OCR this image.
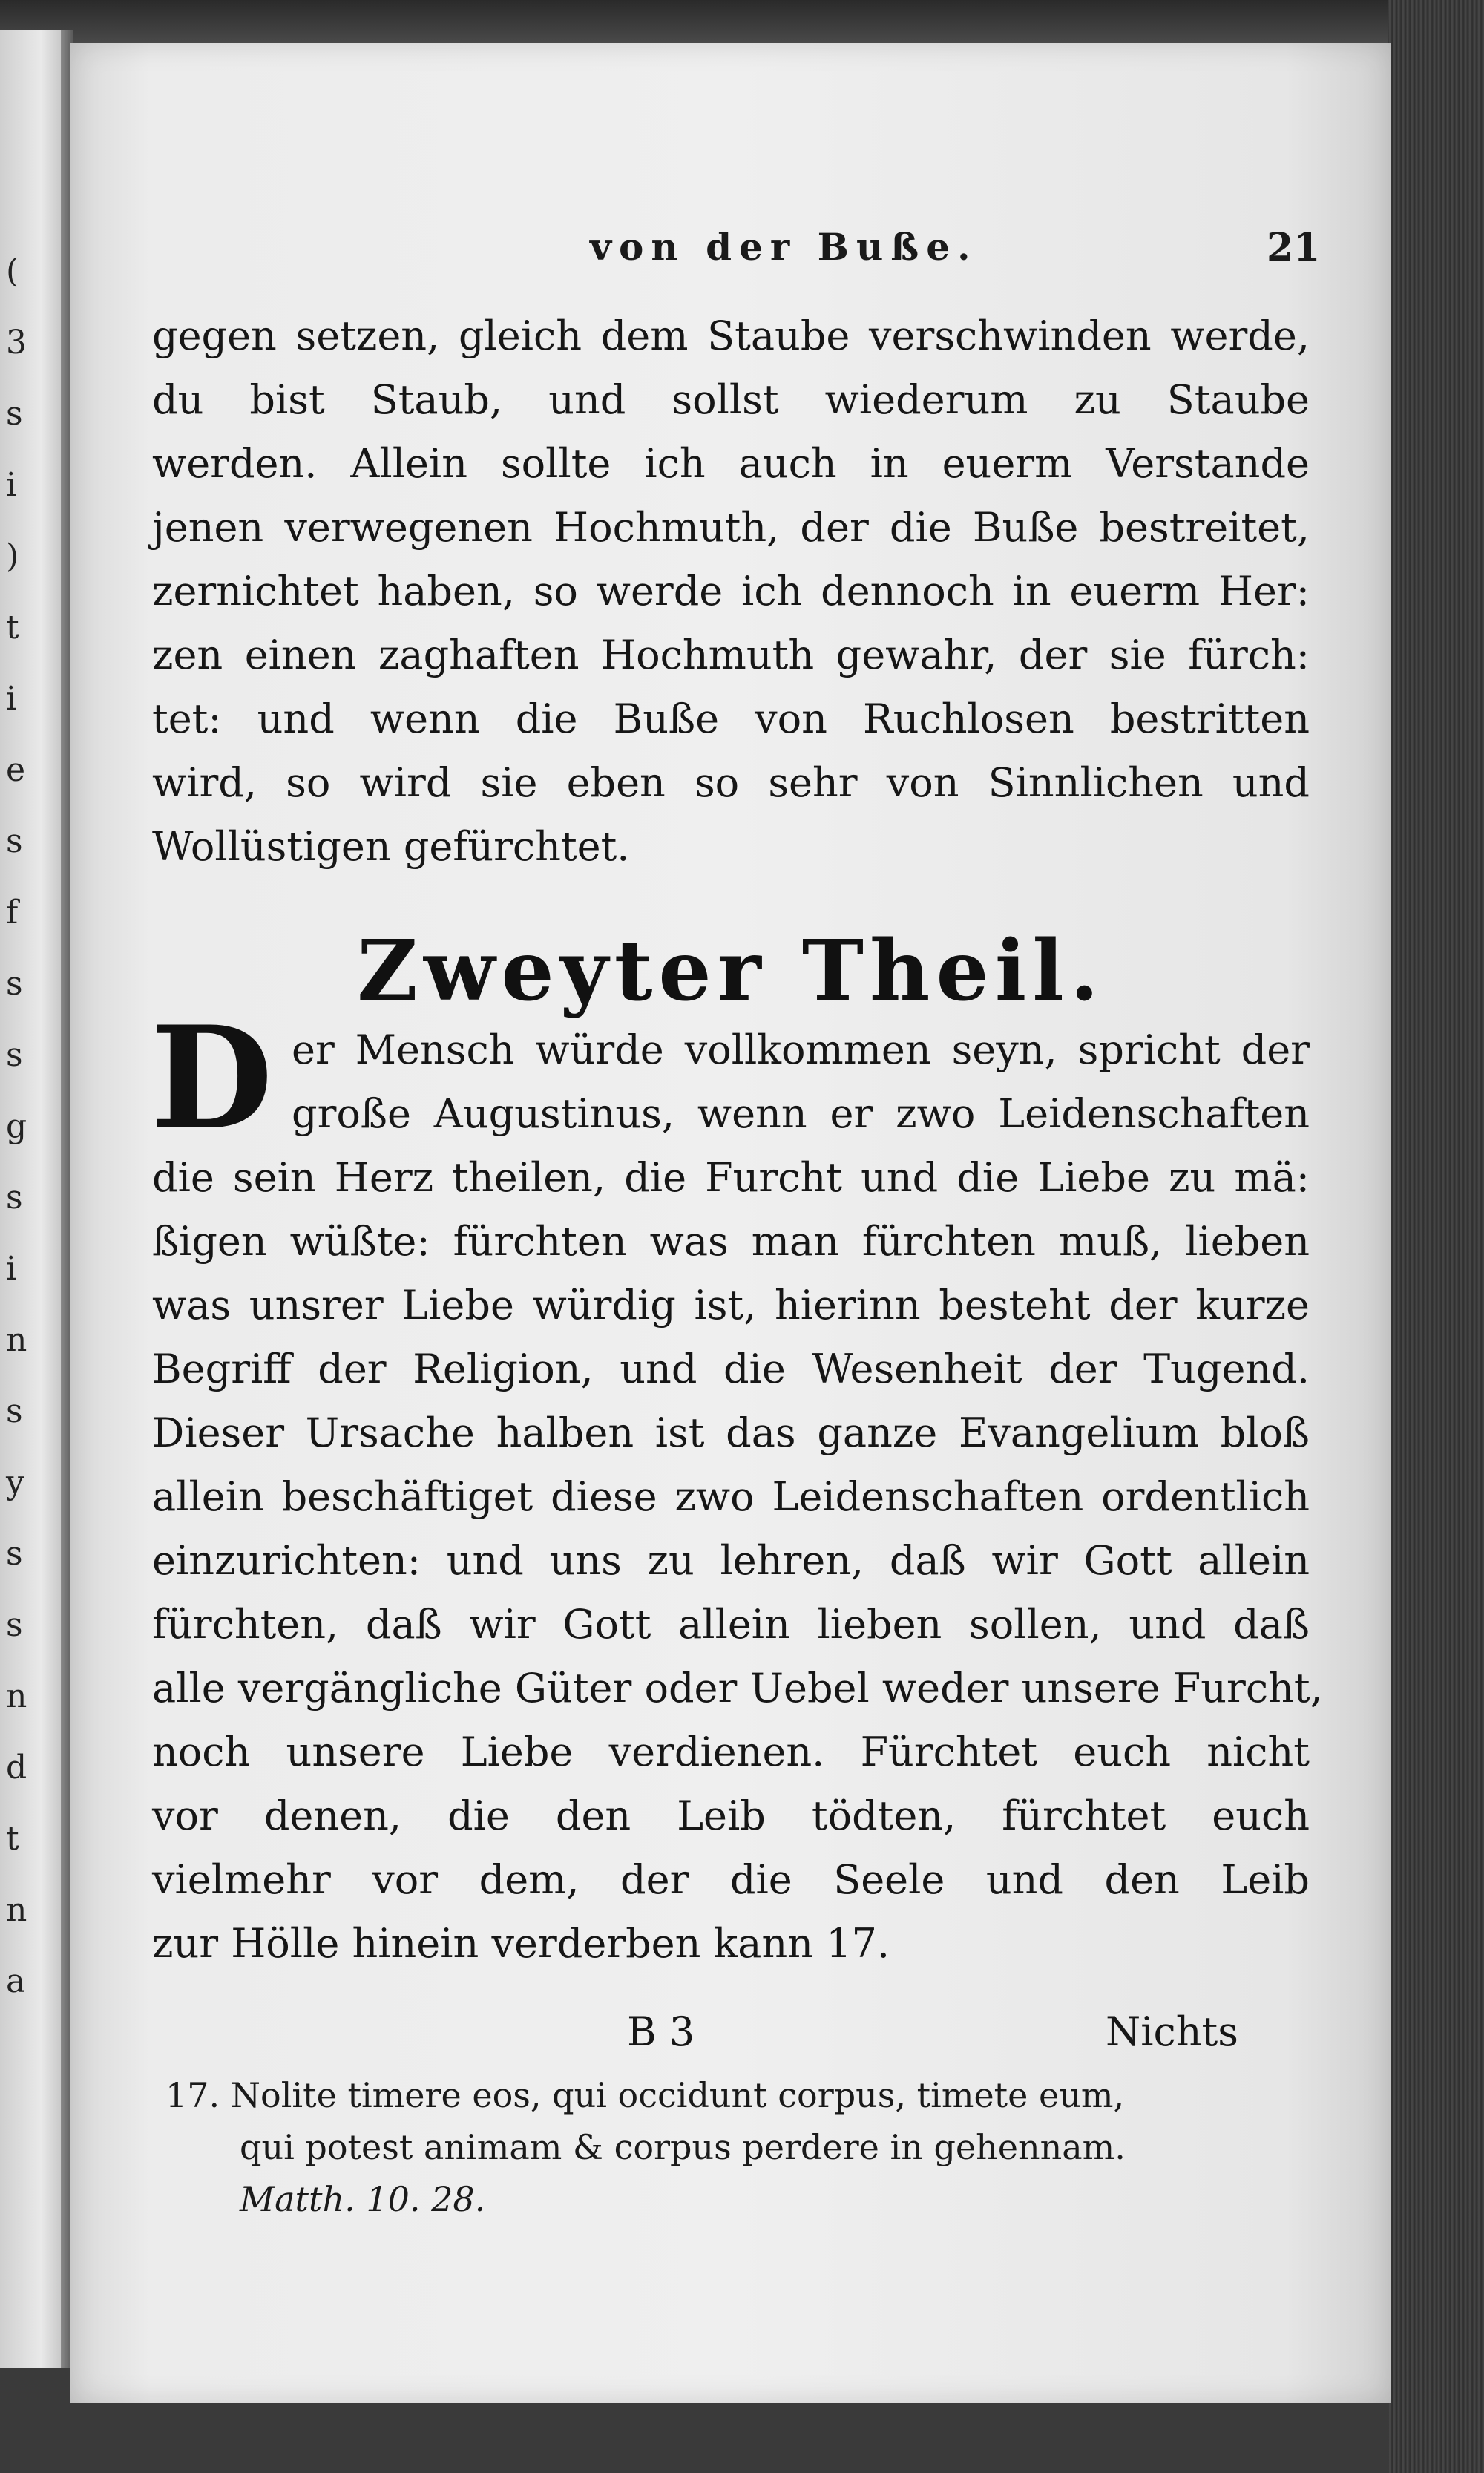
(
3
s
i
)
t
i
e
s
f
s
s
g
s
i
n
s
y
s
s
n
d
t
n
a
von der Buße.	21
gegen setzen, gleich dem Staube verschwinden werde,
du bist Staub, und sollst wiederum zu Staube
werden. Allein sollte ich auch in euerm Verstande
jenen verwegenen Hochmuth, der die Buße bestreitet,
zernichtet haben, so werde ich dennoch in euerm Her:
zen einen zaghaften Hochmuth gewahr, der sie fürch:
tet: und wenn die Buße von Ruchlosen bestritten
wird, so wird sie eben so sehr von Sinnlichen und
Wollüstigen gefürchtet.
Zweyter Theil.
D er Mensch würde vollkommen seyn, spricht der
große Augustinus, wenn er zwo Leidenschaften
die sein Herz theilen, die Furcht und die Liebe zu mä:
ßigen wüßte: fürchten was man fürchten muß, lieben
was unsrer Liebe würdig ist, hierinn besteht der kurze
Begriff der Religion, und die Wesenheit der Tugend.
Dieser Ursache halben ist das ganze Evangelium bloß
allein beschäftiget diese zwo Leidenschaften ordentlich
einzurichten: und uns zu lehren, daß wir Gott allein
fürchten, daß wir Gott allein lieben sollen, und daß
alle vergängliche Güter oder Uebel weder unsere Furcht,
noch unsere Liebe verdienen. Fürchtet euch nicht
vor denen, die den Leib tödten, fürchtet euch
vielmehr vor dem, der die Seele und den Leib
zur Hölle hinein verderben kann 17.
B 3	Nichts
17. Nolite timere eos, qui occidunt corpus, timete eum,
qui potest animam & corpus perdere in gehennam.
Matth. 10. 28.
